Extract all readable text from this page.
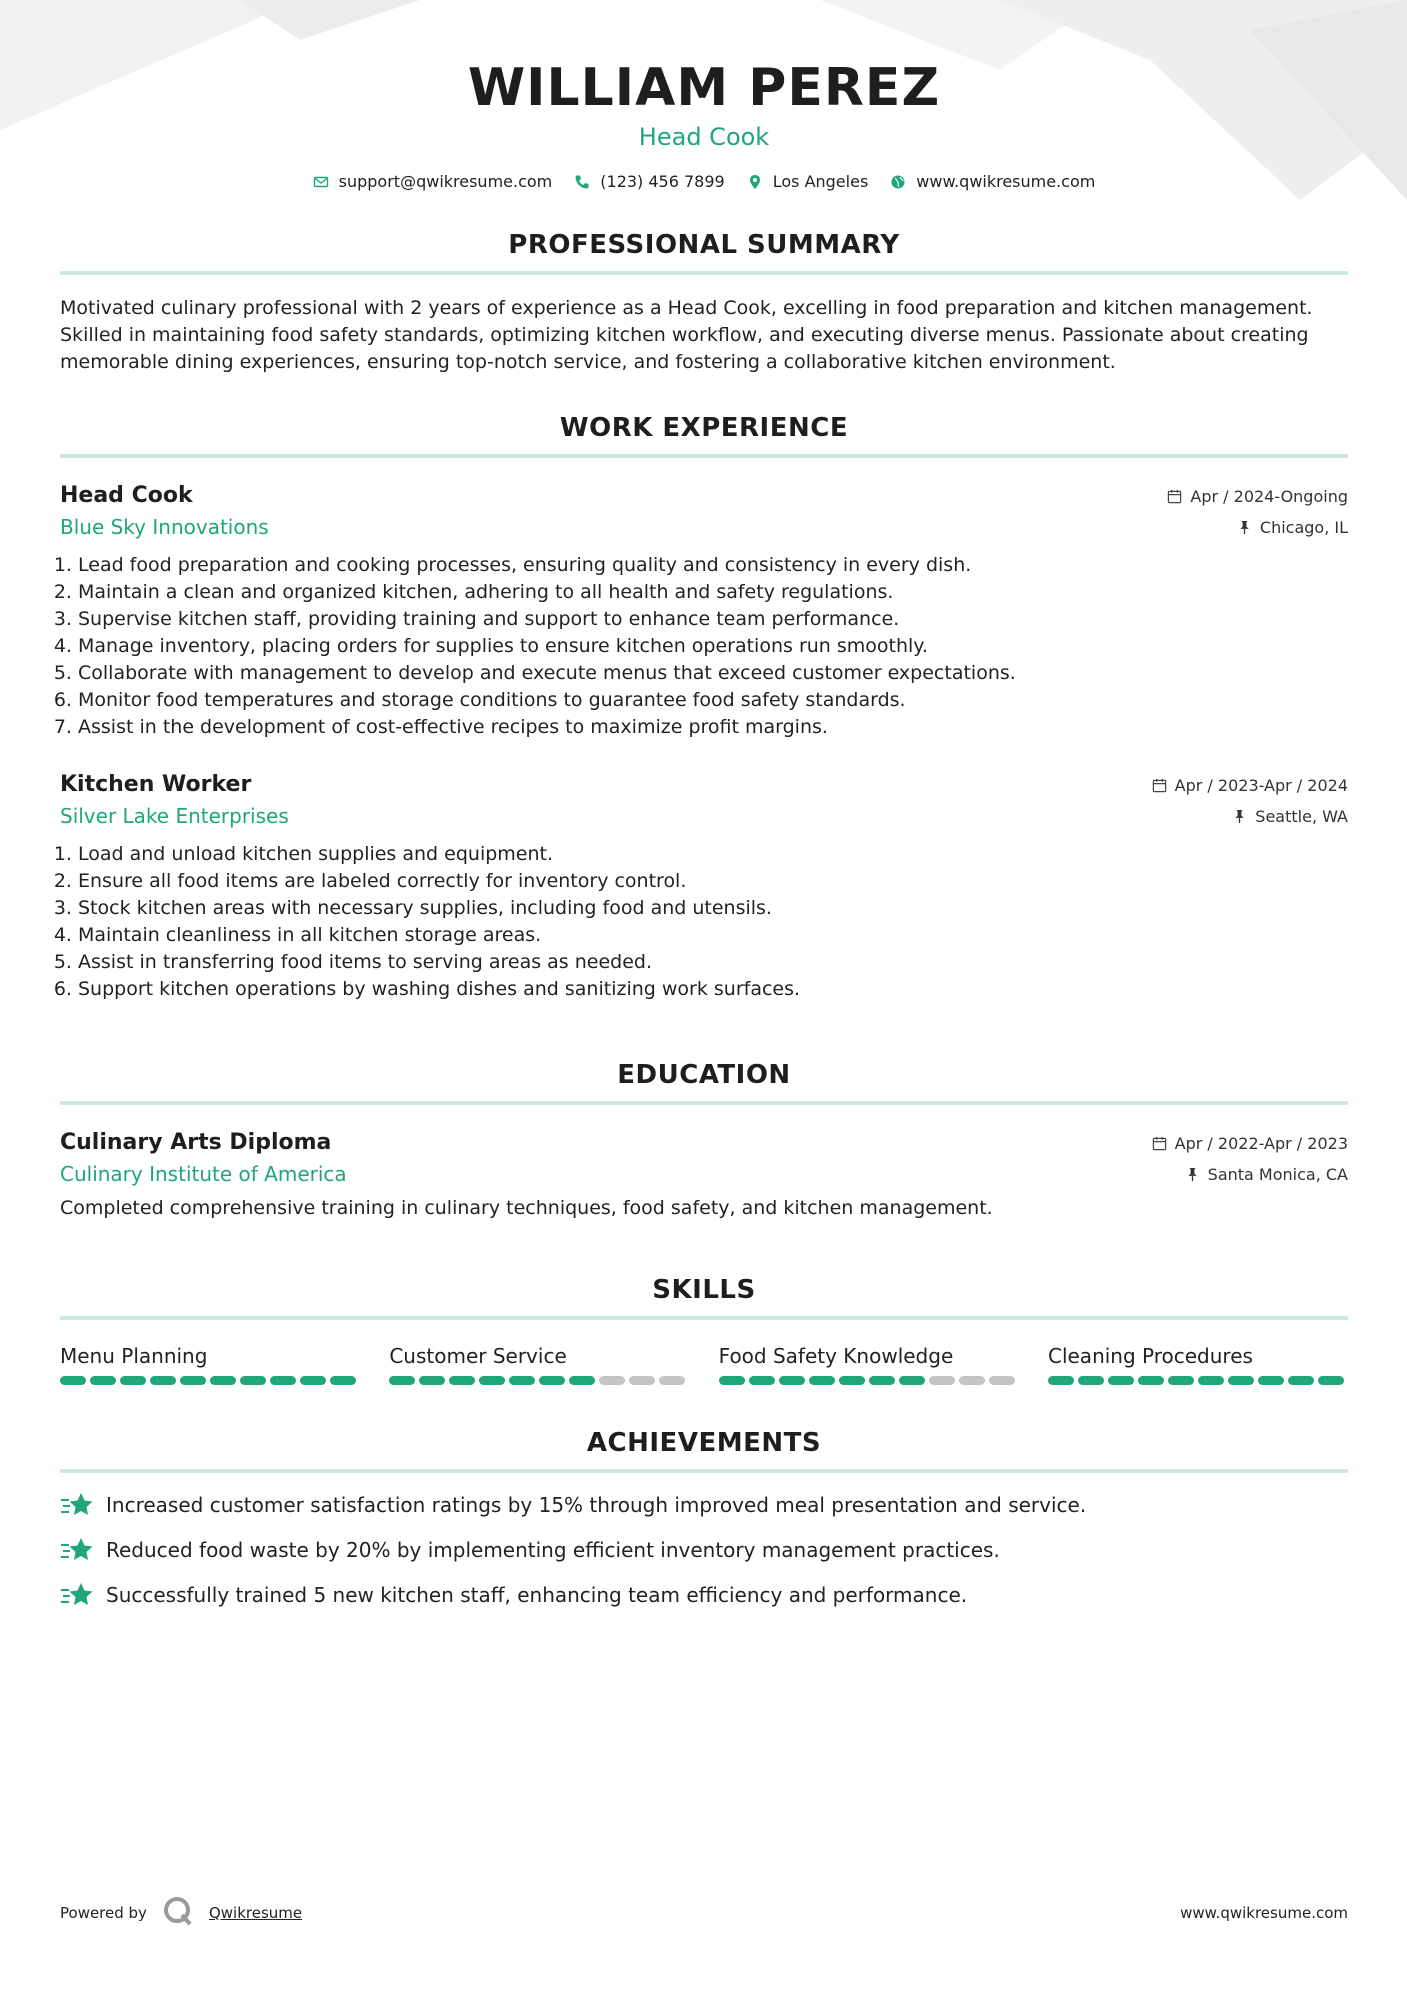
WILLIAM PEREZ
Head Cook
support@qwikresume.com	(123) 456 7899	Los Angeles	www.qwikresume.com
PROFESSIONAL SUMMARY
Motivated culinary professional with 2 years of experience as a Head Cook, excelling in food preparation and kitchen management. Skilled in maintaining food safety standards, optimizing kitchen workflow, and executing diverse menus. Passionate about creating memorable dining experiences, ensuring top-notch service, and fostering a collaborative kitchen environment.
WORK EXPERIENCE
Head Cook	Apr / 2024-Ongoing
Blue Sky Innovations	Chicago, IL
1. Lead food preparation and cooking processes, ensuring quality and consistency in every dish.
2. Maintain a clean and organized kitchen, adhering to all health and safety regulations.
3. Supervise kitchen staff, providing training and support to enhance team performance.
4. Manage inventory, placing orders for supplies to ensure kitchen operations run smoothly.
5. Collaborate with management to develop and execute menus that exceed customer expectations.
6. Monitor food temperatures and storage conditions to guarantee food safety standards.
7. Assist in the development of cost-effective recipes to maximize profit margins.
Kitchen Worker	Apr / 2023-Apr / 2024
Silver Lake Enterprises	Seattle, WA
1. Load and unload kitchen supplies and equipment.
2. Ensure all food items are labeled correctly for inventory control.
3. Stock kitchen areas with necessary supplies, including food and utensils.
4. Maintain cleanliness in all kitchen storage areas.
5. Assist in transferring food items to serving areas as needed.
6. Support kitchen operations by washing dishes and sanitizing work surfaces.
EDUCATION
Culinary Arts Diploma	Apr / 2022-Apr / 2023
Culinary Institute of America	Santa Monica, CA
Completed comprehensive training in culinary techniques, food safety, and kitchen management.
SKILLS
Menu Planning	Customer Service	Food Safety Knowledge	Cleaning Procedures
ACHIEVEMENTS
Increased customer satisfaction ratings by 15% through improved meal presentation and service.
Reduced food waste by 20% by implementing efficient inventory management practices.
Successfully trained 5 new kitchen staff, enhancing team efficiency and performance.
Powered by	Qwikresume	www.qwikresume.com
